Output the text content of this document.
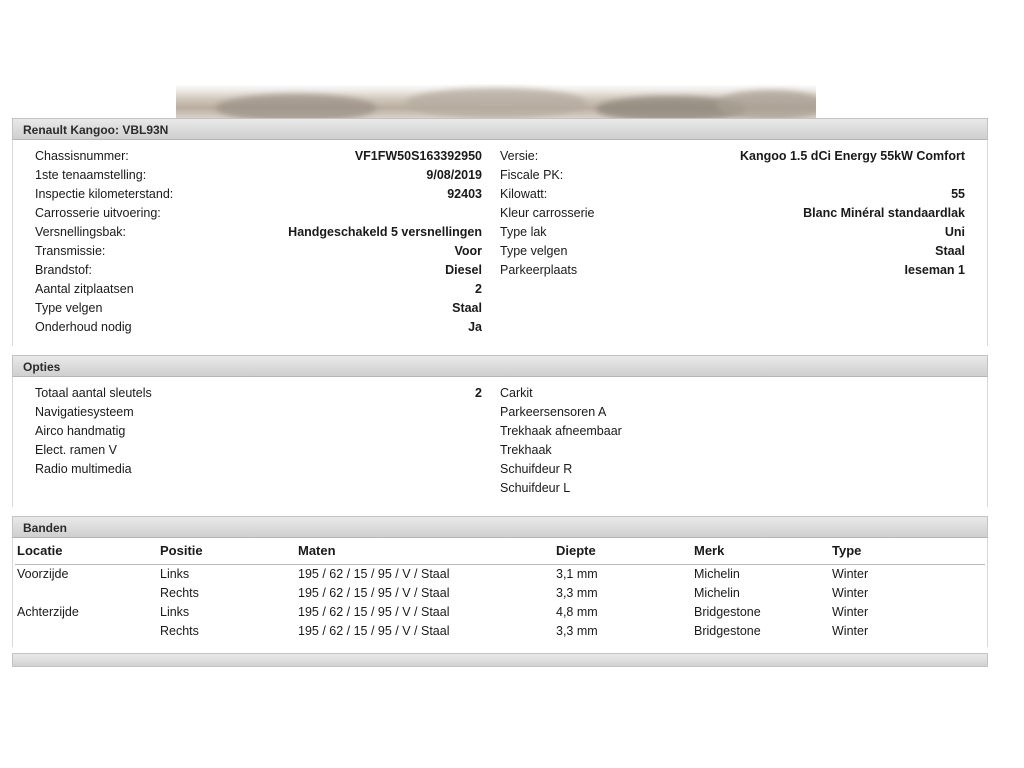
Renault Kangoo: VBL93N
Chassisnummer:	VF1FW50S163392950
1ste tenaamstelling:	9/08/2019
Inspectie kilometerstand:	92403
Carrosserie uitvoering:
Versnellingsbak:	Handgeschakeld 5 versnellingen
Transmissie:	Voor
Brandstof:	Diesel
Aantal zitplaatsen	2
Type velgen	Staal
Onderhoud nodig	Ja
Versie:	Kangoo 1.5 dCi Energy 55kW Comfort
Fiscale PK:
Kilowatt:	55
Kleur carrosserie	Blanc Minéral standaardlak
Type lak	Uni
Type velgen	Staal
Parkeerplaats	Ieseman 1
Opties
Totaal aantal sleutels	2
Navigatiesysteem
Airco handmatig
Elect. ramen V
Radio multimedia
Carkit
Parkeersensoren A
Trekhaak afneembaar
Trekhaak
Schuifdeur R
Schuifdeur L
Banden
Locatie	Positie	Maten	Diepte	Merk	Type
Voorzijde	Links	195 / 62 / 15 / 95 / V / Staal	3,1 mm	Michelin	Winter
	Rechts	195 / 62 / 15 / 95 / V / Staal	3,3 mm	Michelin	Winter
Achterzijde	Links	195 / 62 / 15 / 95 / V / Staal	4,8 mm	Bridgestone	Winter
	Rechts	195 / 62 / 15 / 95 / V / Staal	3,3 mm	Bridgestone	Winter
